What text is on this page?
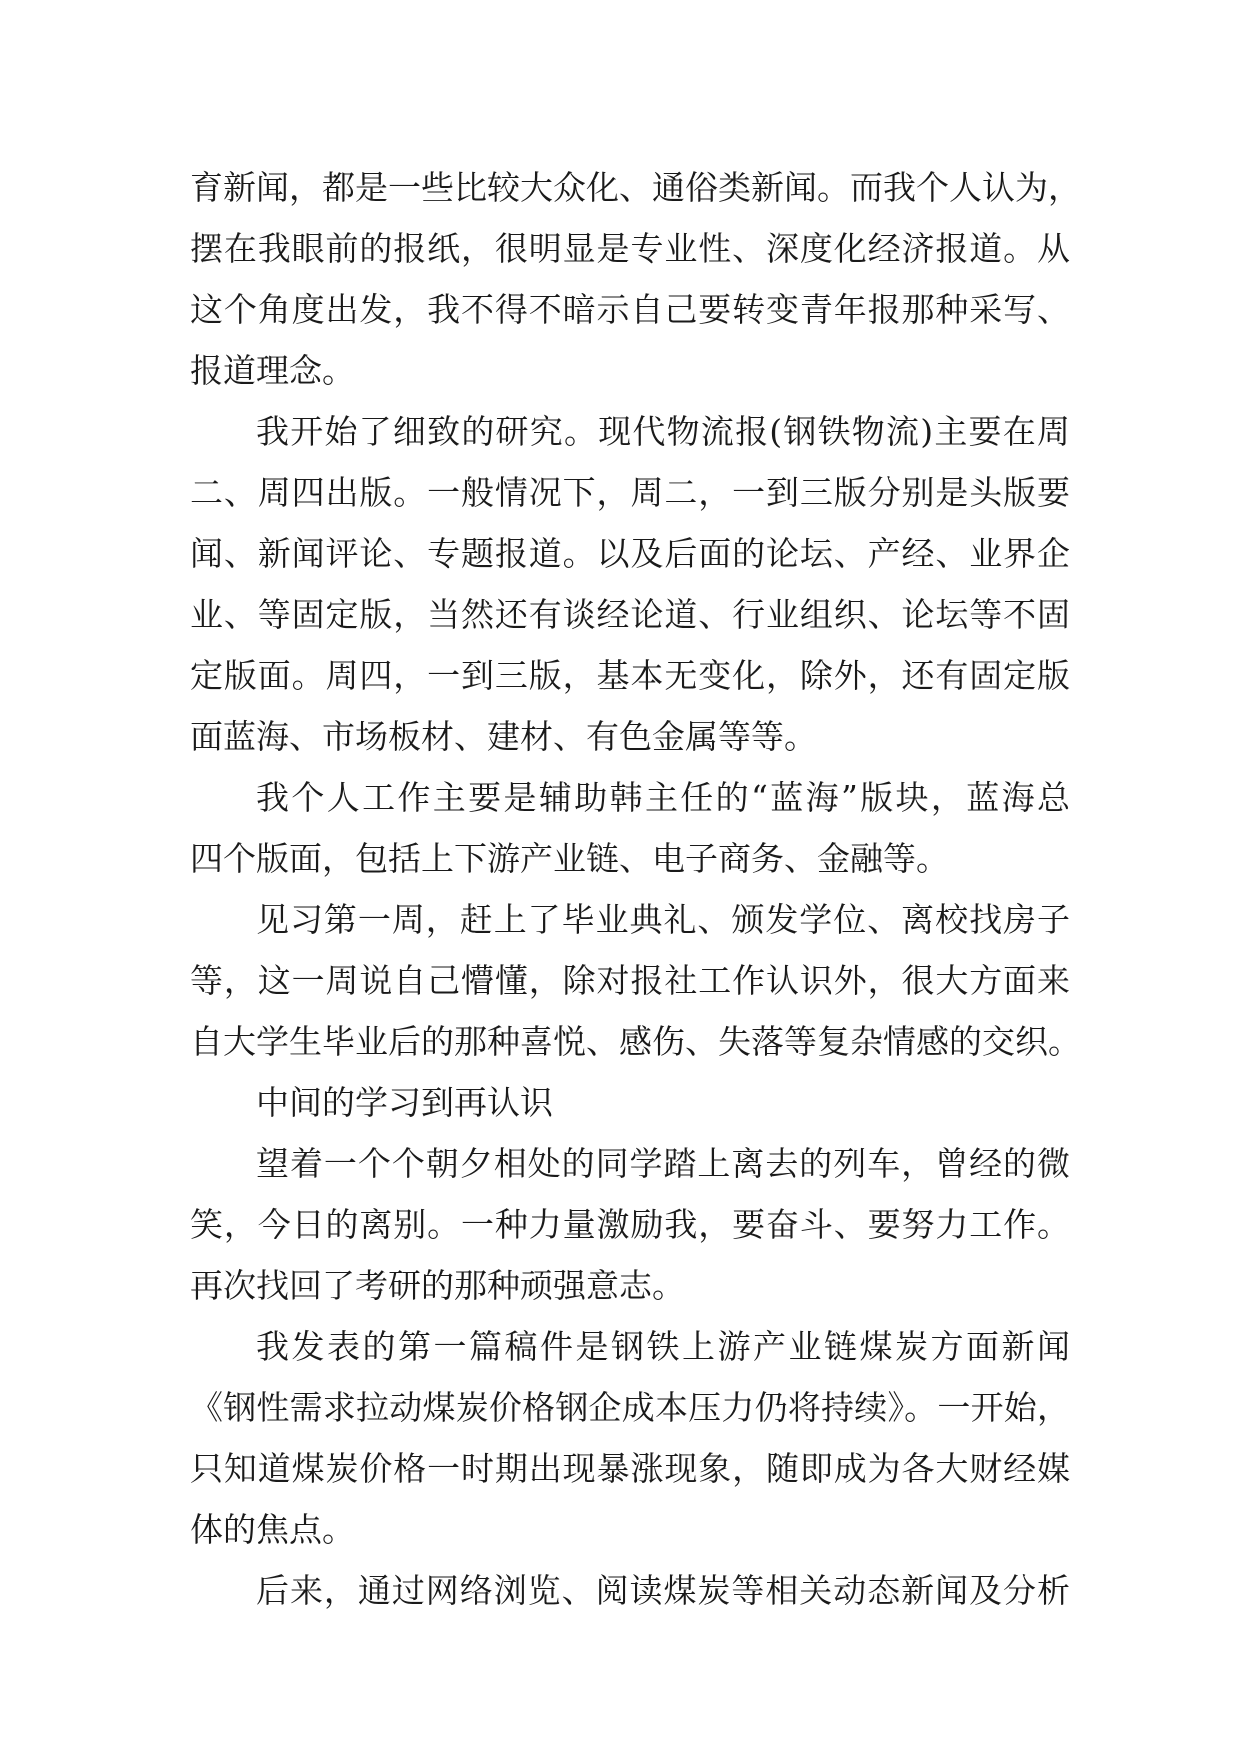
育新闻，都是一些比较大众化、通俗类新闻。而我个人认为，
摆在我眼前的报纸，很明显是专业性、深度化经济报道。从
这个角度出发，我不得不暗示自己要转变青年报那种采写、
报道理念。
我开始了细致的研究。现代物流报(钢铁物流)主要在周
二、周四出版。一般情况下，周二，一到三版分别是头版要
闻、新闻评论、专题报道。以及后面的论坛、产经、业界企
业、等固定版，当然还有谈经论道、行业组织、论坛等不固
定版面。周四，一到三版，基本无变化，除外，还有固定版
面蓝海、市场板材、建材、有色金属等等。
我个人工作主要是辅助韩主任的“蓝海”版块，蓝海总
四个版面，包括上下游产业链、电子商务、金融等。
见习第一周，赶上了毕业典礼、颁发学位、离校找房子
等，这一周说自己懵懂，除对报社工作认识外，很大方面来
自大学生毕业后的那种喜悦、感伤、失落等复杂情感的交织。
中间的学习到再认识
望着一个个朝夕相处的同学踏上离去的列车，曾经的微
笑，今日的离别。一种力量激励我，要奋斗、要努力工作。
再次找回了考研的那种顽强意志。
我发表的第一篇稿件是钢铁上游产业链煤炭方面新闻
《钢性需求拉动煤炭价格钢企成本压力仍将持续》。一开始，
只知道煤炭价格一时期出现暴涨现象，随即成为各大财经媒
体的焦点。
后来，通过网络浏览、阅读煤炭等相关动态新闻及分析
